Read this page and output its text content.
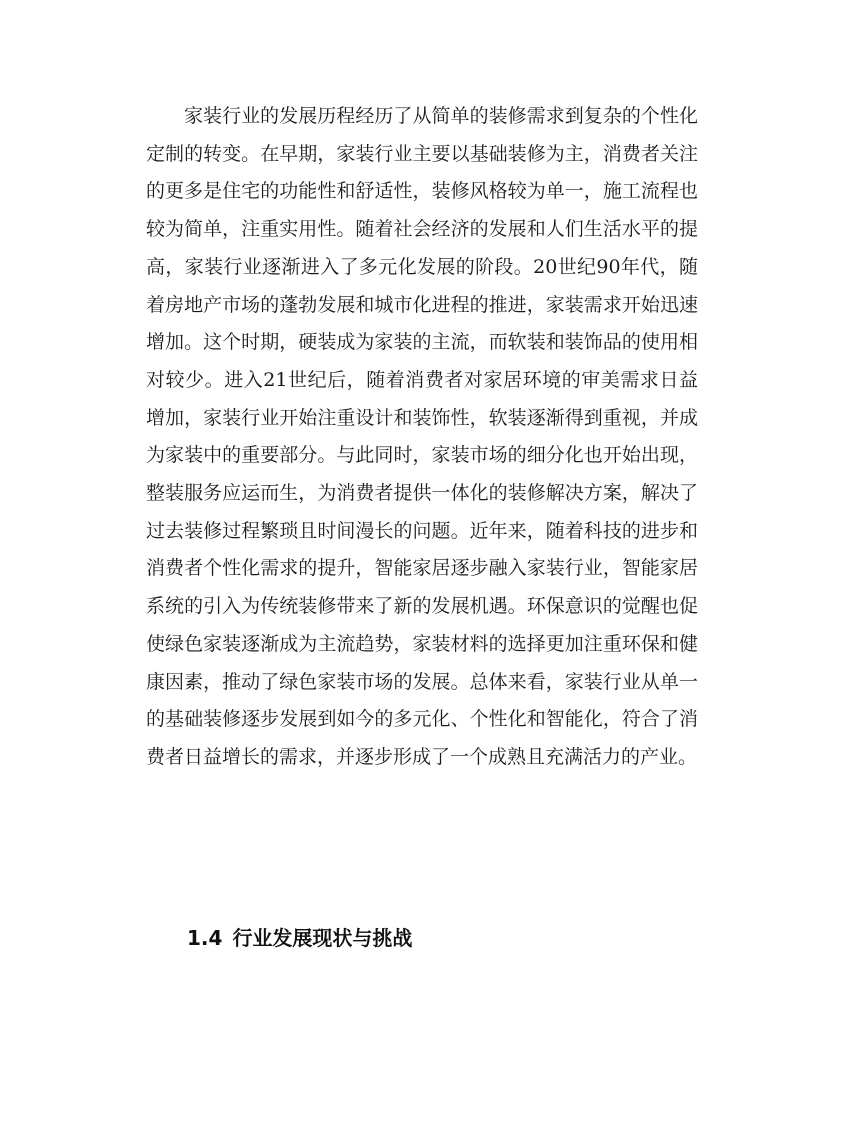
家装行业的发展历程经历了从简单的装修需求到复杂的个性化定制的转变。在早期，家装行业主要以基础装修为主，消费者关注的更多是住宅的功能性和舒适性，装修风格较为单一，施工流程也较为简单，注重实用性。随着社会经济的发展和人们生活水平的提高，家装行业逐渐进入了多元化发展的阶段。20世纪90年代，随着房地产市场的蓬勃发展和城市化进程的推进，家装需求开始迅速增加。这个时期，硬装成为家装的主流，而软装和装饰品的使用相对较少。进入21世纪后，随着消费者对家居环境的审美需求日益增加，家装行业开始注重设计和装饰性，软装逐渐得到重视，并成为家装中的重要部分。与此同时，家装市场的细分化也开始出现，整装服务应运而生，为消费者提供一体化的装修解决方案，解决了过去装修过程繁琐且时间漫长的问题。近年来，随着科技的进步和消费者个性化需求的提升，智能家居逐步融入家装行业，智能家居系统的引入为传统装修带来了新的发展机遇。环保意识的觉醒也促使绿色家装逐渐成为主流趋势，家装材料的选择更加注重环保和健康因素，推动了绿色家装市场的发展。总体来看，家装行业从单一的基础装修逐步发展到如今的多元化、个性化和智能化，符合了消费者日益增长的需求，并逐步形成了一个成熟且充满活力的产业。

1.4 行业发展现状与挑战
